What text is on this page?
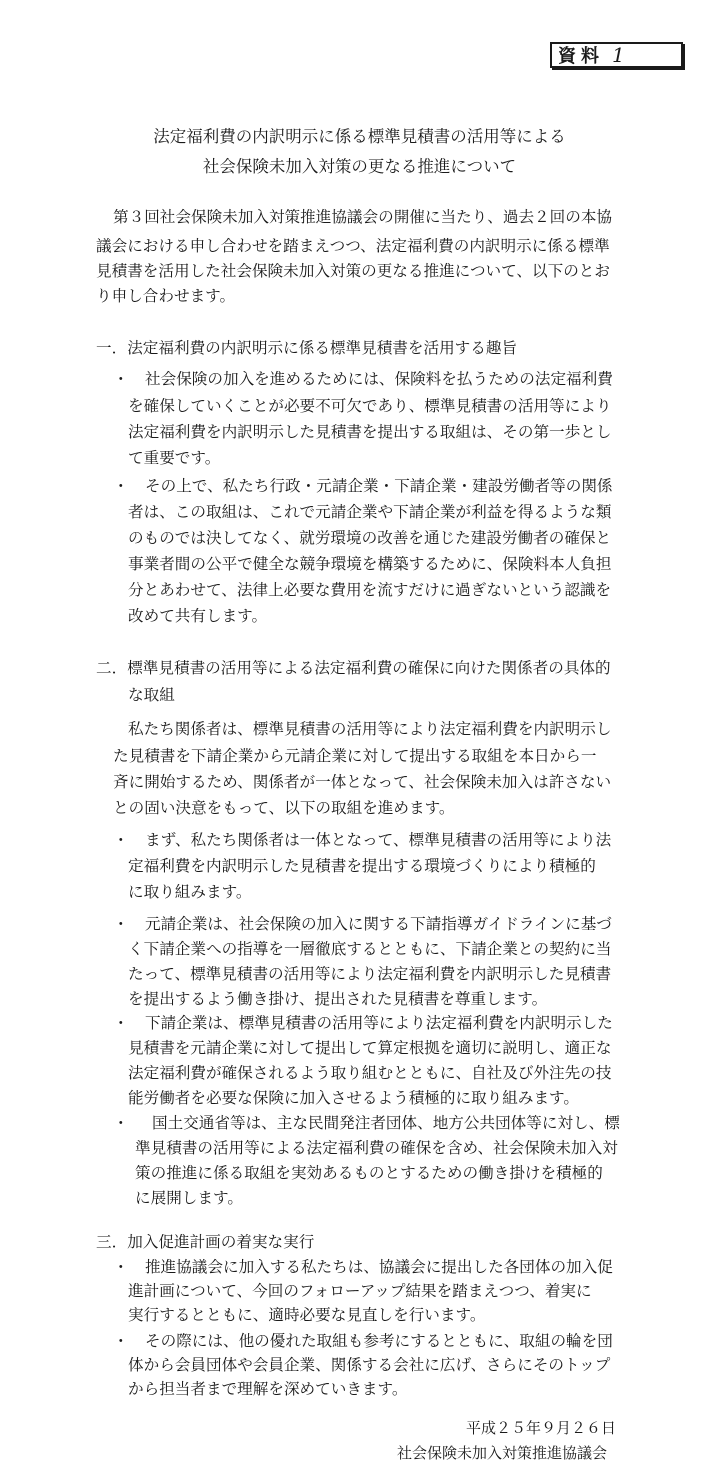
資料 1
法定福利費の内訳明示に係る標準見積書の活用等による
社会保険未加入対策の更なる推進について
第３回社会保険未加入対策推進協議会の開催に当たり、過去２回の本協
議会における申し合わせを踏まえつつ、法定福利費の内訳明示に係る標準
見積書を活用した社会保険未加入対策の更なる推進について、以下のとお
り申し合わせます。
一．法定福利費の内訳明示に係る標準見積書を活用する趣旨
・ 社会保険の加入を進めるためには、保険料を払うための法定福利費
を確保していくことが必要不可欠であり、標準見積書の活用等により
法定福利費を内訳明示した見積書を提出する取組は、その第一歩とし
て重要です。
・ その上で、私たち行政・元請企業・下請企業・建設労働者等の関係
者は、この取組は、これで元請企業や下請企業が利益を得るような類
のものでは決してなく、就労環境の改善を通じた建設労働者の確保と
事業者間の公平で健全な競争環境を構築するために、保険料本人負担
分とあわせて、法律上必要な費用を流すだけに過ぎないという認識を
改めて共有します。
二．標準見積書の活用等による法定福利費の確保に向けた関係者の具体的
な取組
私たち関係者は、標準見積書の活用等により法定福利費を内訳明示し
た見積書を下請企業から元請企業に対して提出する取組を本日から一
斉に開始するため、関係者が一体となって、社会保険未加入は許さない
との固い決意をもって、以下の取組を進めます。
・ まず、私たち関係者は一体となって、標準見積書の活用等により法
定福利費を内訳明示した見積書を提出する環境づくりにより積極的
に取り組みます。
・ 元請企業は、社会保険の加入に関する下請指導ガイドラインに基づ
く下請企業への指導を一層徹底するとともに、下請企業との契約に当
たって、標準見積書の活用等により法定福利費を内訳明示した見積書
を提出するよう働き掛け、提出された見積書を尊重します。
・ 下請企業は、標準見積書の活用等により法定福利費を内訳明示した
見積書を元請企業に対して提出して算定根拠を適切に説明し、適正な
法定福利費が確保されるよう取り組むとともに、自社及び外注先の技
能労働者を必要な保険に加入させるよう積極的に取り組みます。
・ 国土交通省等は、主な民間発注者団体、地方公共団体等に対し、標
準見積書の活用等による法定福利費の確保を含め、社会保険未加入対
策の推進に係る取組を実効あるものとするための働き掛けを積極的
に展開します。
三．加入促進計画の着実な実行
・ 推進協議会に加入する私たちは、協議会に提出した各団体の加入促
進計画について、今回のフォローアップ結果を踏まえつつ、着実に
実行するとともに、適時必要な見直しを行います。
・ その際には、他の優れた取組も参考にするとともに、取組の輪を団
体から会員団体や会員企業、関係する会社に広げ、さらにそのトップ
から担当者まで理解を深めていきます。
平成２５年９月２６日
社会保険未加入対策推進協議会
